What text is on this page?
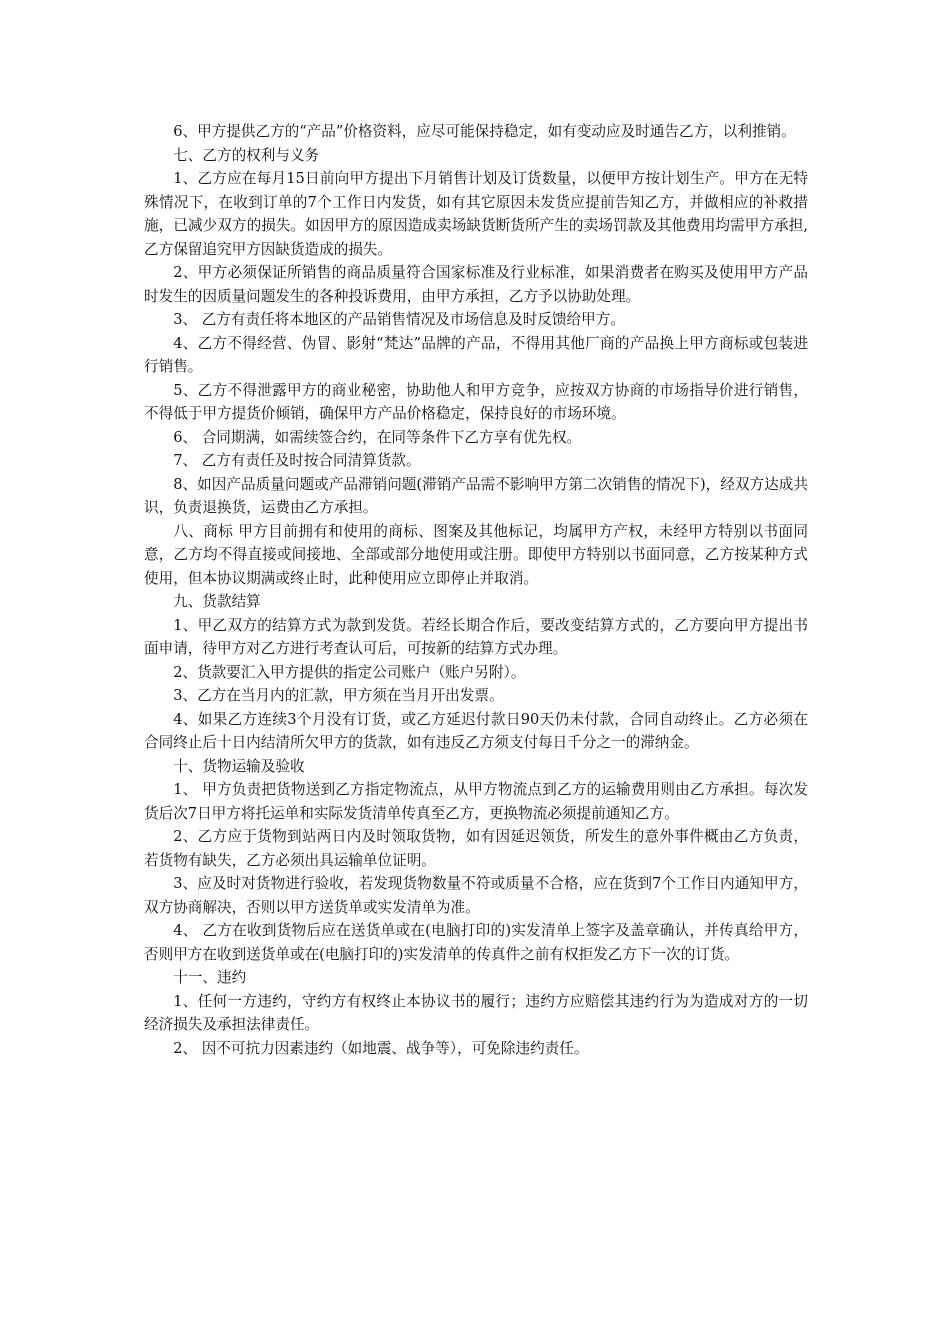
6、甲方提供乙方的“产品”价格资料，应尽可能保持稳定，如有变动应及时通告乙方，以利推销。

七、乙方的权利与义务

1、乙方应在每月15日前向甲方提出下月销售计划及订货数量，以便甲方按计划生产。甲方在无特殊情况下，在收到订单的7个工作日内发货，如有其它原因未发货应提前告知乙方，并做相应的补救措施，已减少双方的损失。如因甲方的原因造成卖场缺货断货所产生的卖场罚款及其他费用均需甲方承担,乙方保留追究甲方因缺货造成的损失。

2、甲方必须保证所销售的商品质量符合国家标准及行业标准，如果消费者在购买及使用甲方产品时发生的因质量问题发生的各种投诉费用，由甲方承担，乙方予以协助处理。

3、 乙方有责任将本地区的产品销售情况及市场信息及时反馈给甲方。

4、乙方不得经营、伪冒、影射“梵达”品牌的产品，不得用其他厂商的产品换上甲方商标或包装进行销售。

5、乙方不得泄露甲方的商业秘密，协助他人和甲方竞争，应按双方协商的市场指导价进行销售，不得低于甲方提货价倾销，确保甲方产品价格稳定，保持良好的市场环境。

6、 合同期满，如需续签合约，在同等条件下乙方享有优先权。

7、 乙方有责任及时按合同清算货款。

8、如因产品质量问题或产品滞销问题(滞销产品需不影响甲方第二次销售的情况下)，经双方达成共识，负责退换货，运费由乙方承担。

八、商标 甲方目前拥有和使用的商标、图案及其他标记，均属甲方产权，未经甲方特别以书面同意，乙方均不得直接或间接地、全部或部分地使用或注册。即使甲方特别以书面同意，乙方按某种方式使用，但本协议期满或终止时，此种使用应立即停止并取消。

九、货款结算

1、甲乙双方的结算方式为款到发货。若经长期合作后，要改变结算方式的，乙方要向甲方提出书面申请，待甲方对乙方进行考查认可后，可按新的结算方式办理。

2、货款要汇入甲方提供的指定公司账户（账户另附）。

3、乙方在当月内的汇款，甲方须在当月开出发票。

4、如果乙方连续3个月没有订货，或乙方延迟付款日90天仍未付款，合同自动终止。乙方必须在合同终止后十日内结清所欠甲方的货款，如有违反乙方须支付每日千分之一的滞纳金。

十、货物运输及验收

1、 甲方负责把货物送到乙方指定物流点，从甲方物流点到乙方的运输费用则由乙方承担。每次发货后次7日甲方将托运单和实际发货清单传真至乙方，更换物流必须提前通知乙方。

2、乙方应于货物到站两日内及时领取货物，如有因延迟领货，所发生的意外事件概由乙方负责，若货物有缺失，乙方必须出具运输单位证明。

3、应及时对货物进行验收，若发现货物数量不符或质量不合格，应在货到7个工作日内通知甲方，双方协商解决，否则以甲方送货单或实发清单为准。

4、 乙方在收到货物后应在送货单或在(电脑打印的)实发清单上签字及盖章确认，并传真给甲方，否则甲方在收到送货单或在(电脑打印的)实发清单的传真件之前有权拒发乙方下一次的订货。

十一、违约

1、任何一方违约，守约方有权终止本协议书的履行；违约方应赔偿其违约行为为造成对方的一切经济损失及承担法律责任。

2、 因不可抗力因素违约（如地震、战争等），可免除违约责任。
